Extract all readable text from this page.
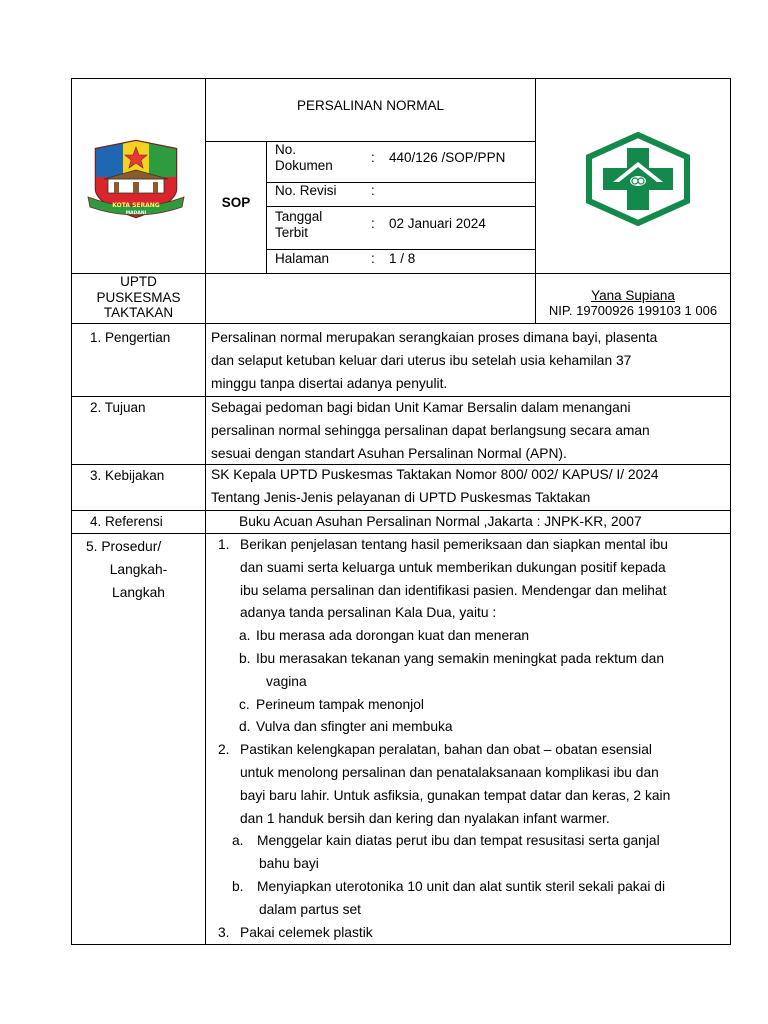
KOTA SERANG
MADANI
PERSALINAN NORMAL
SOP
No.
Dokumen
: 440/126 /SOP/PPN
No. Revisi	:
Tanggal
Terbit
: 02 Januari 2024
Halaman	: 1 / 8
UPTD
PUSKESMAS
TAKTAKAN
Yana Supiana
NIP. 19700926 199103 1 006
1. Pengertian
2. Tujuan
3. Kebijakan
4. Referensi
5. Prosedur/
Langkah-
Langkah
Persalinan normal merupakan serangkaian proses dimana bayi, plasenta
dan selaput ketuban keluar dari uterus ibu setelah usia kehamilan 37
minggu tanpa disertai adanya penyulit.
Sebagai pedoman bagi bidan Unit Kamar Bersalin dalam menangani
persalinan normal sehingga persalinan dapat berlangsung secara aman
sesuai dengan standart Asuhan Persalinan Normal (APN).
SK Kepala UPTD Puskesmas Taktakan Nomor 800/ 002/ KAPUS/ I/ 2024
Tentang Jenis-Jenis pelayanan di UPTD Puskesmas Taktakan
Buku Acuan Asuhan Persalinan Normal ,Jakarta : JNPK-KR, 2007
1. Berikan penjelasan tentang hasil pemeriksaan dan siapkan mental ibu
dan suami serta keluarga untuk memberikan dukungan positif kepada
ibu selama persalinan dan identifikasi pasien. Mendengar dan melihat
adanya tanda persalinan Kala Dua, yaitu :
a. Ibu merasa ada dorongan kuat dan meneran
b. Ibu merasakan tekanan yang semakin meningkat pada rektum dan
vagina
c. Perineum tampak menonjol
d. Vulva dan sfingter ani membuka
2. Pastikan kelengkapan peralatan, bahan dan obat – obatan esensial
untuk menolong persalinan dan penatalaksanaan komplikasi ibu dan
bayi baru lahir. Untuk asfiksia, gunakan tempat datar dan keras, 2 kain
dan 1 handuk bersih dan kering dan nyalakan infant warmer.
a. Menggelar kain diatas perut ibu dan tempat resusitasi serta ganjal
bahu bayi
b. Menyiapkan uterotonika 10 unit dan alat suntik steril sekali pakai di
dalam partus set
3. Pakai celemek plastik
